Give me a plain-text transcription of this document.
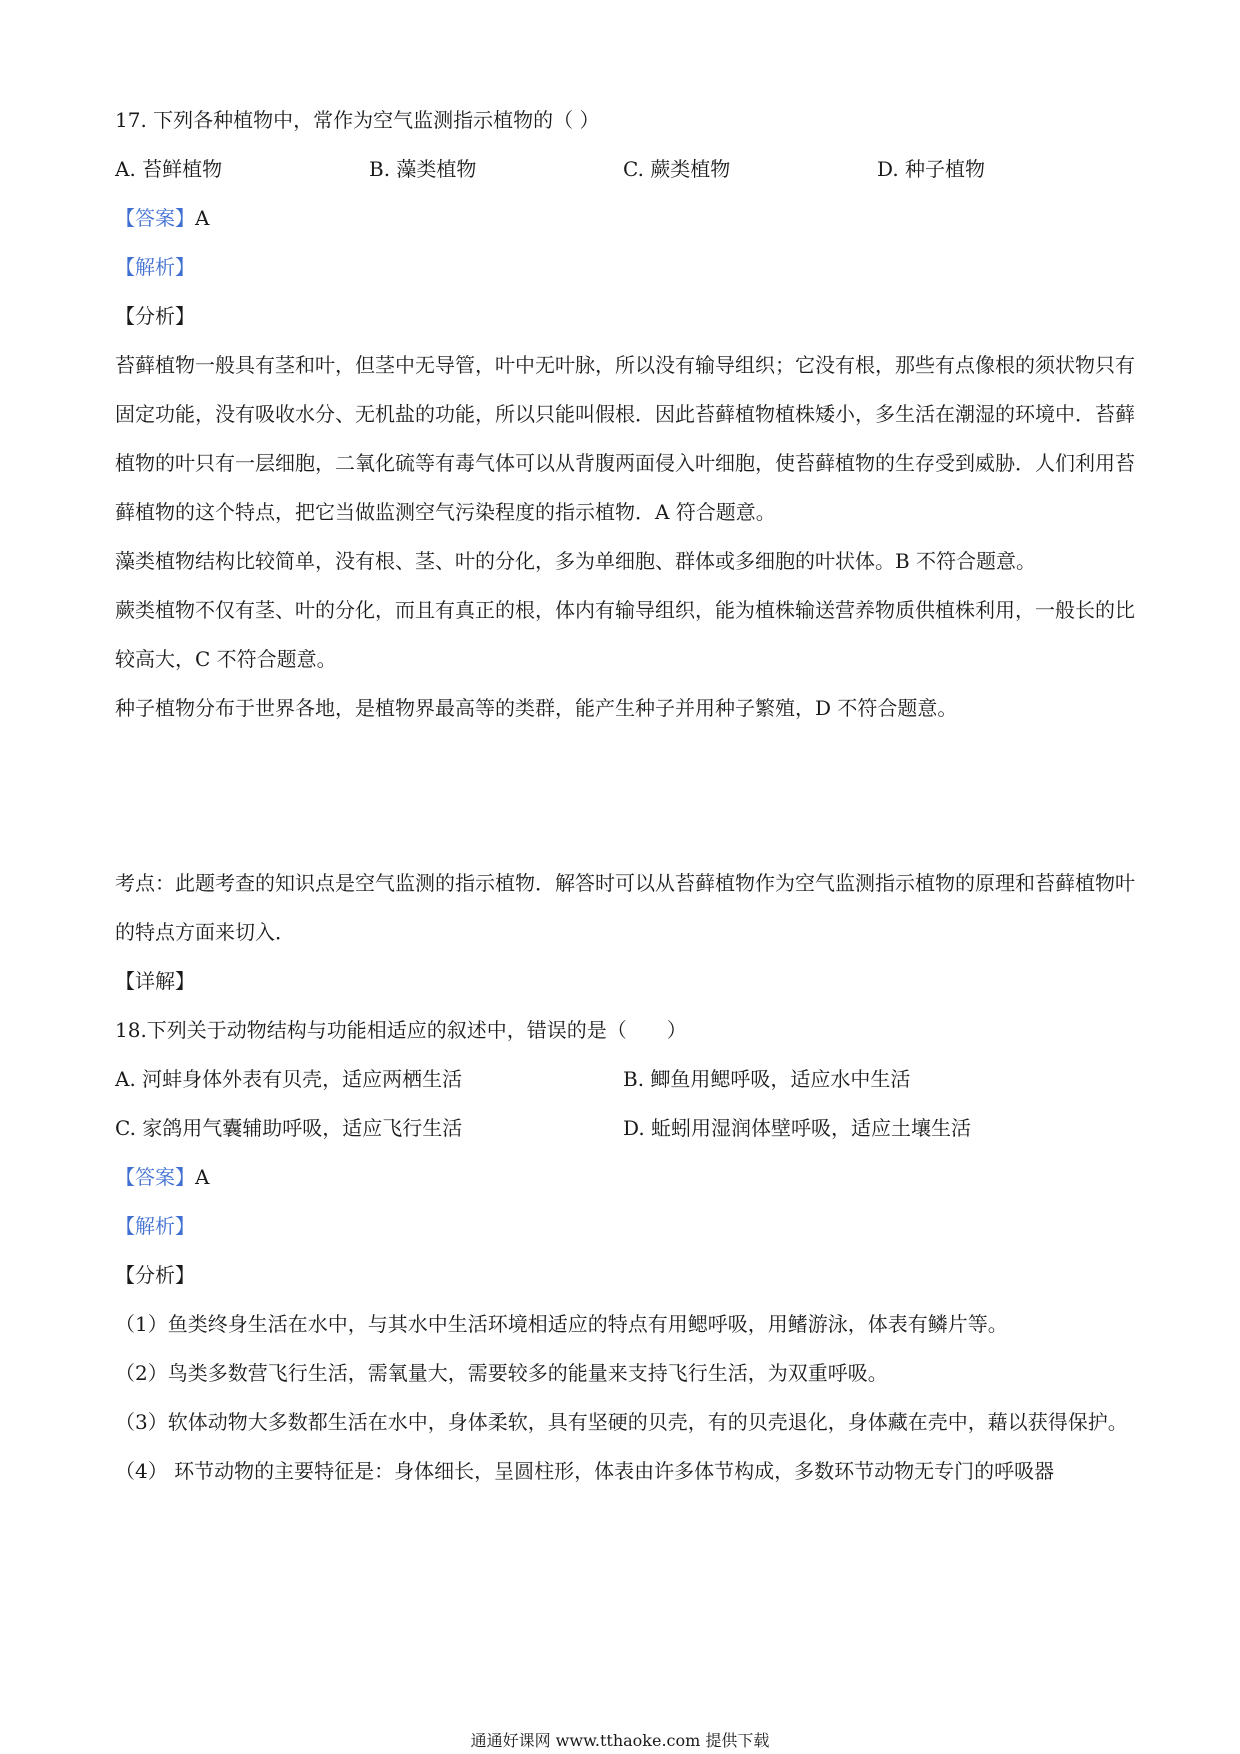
17. 下列各种植物中，常作为空气监测指示植物的（ ）
A. 苔鲜植物	B. 藻类植物	C. 蕨类植物	D. 种子植物
【答案】A
【解析】
【分析】

苔藓植物一般具有茎和叶，但茎中无导管，叶中无叶脉，所以没有输导组织；它没有根，那些有点像根的须状物只有固定功能，没有吸收水分、无机盐的功能，所以只能叫假根．因此苔藓植物植株矮小，多生活在潮湿的环境中．苔藓植物的叶只有一层细胞，二氧化硫等有毒气体可以从背腹两面侵入叶细胞，使苔藓植物的生存受到威胁．人们利用苔藓植物的这个特点，把它当做监测空气污染程度的指示植物．A 符合题意。

藻类植物结构比较简单，没有根、茎、叶的分化，多为单细胞、群体或多细胞的叶状体。B 不符合题意。

蕨类植物不仅有茎、叶的分化，而且有真正的根，体内有输导组织，能为植株输送营养物质供植株利用，一般长的比较高大，C 不符合题意。

种子植物分布于世界各地，是植物界最高等的类群，能产生种子并用种子繁殖，D 不符合题意。

考点：此题考查的知识点是空气监测的指示植物．解答时可以从苔藓植物作为空气监测指示植物的原理和苔藓植物叶的特点方面来切入．

【详解】
18.下列关于动物结构与功能相适应的叙述中，错误的是（　　）
A. 河蚌身体外表有贝壳，适应两栖生活	B. 鲫鱼用鳃呼吸，适应水中生活
C. 家鸽用气囊辅助呼吸，适应飞行生活	D. 蚯蚓用湿润体壁呼吸，适应土壤生活
【答案】A
【解析】
【分析】

（1）鱼类终身生活在水中，与其水中生活环境相适应的特点有用鳃呼吸，用鳍游泳，体表有鳞片等。

（2）鸟类多数营飞行生活，需氧量大，需要较多的能量来支持飞行生活，为双重呼吸。

（3）软体动物大多数都生活在水中，身体柔软，具有坚硬的贝壳，有的贝壳退化，身体藏在壳中，藉以获得保护。

（4） 环节动物的主要特征是：身体细长，呈圆柱形，体表由许多体节构成，多数环节动物无专门的呼吸器

通通好课网 www.tthaoke.com 提供下载
